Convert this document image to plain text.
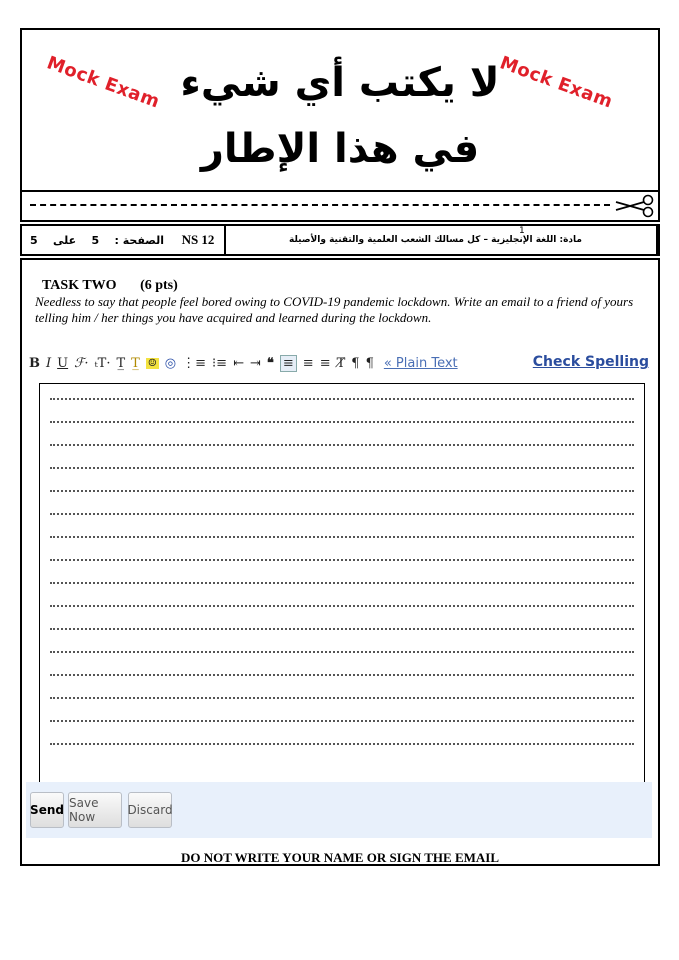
Mock Exam	Mock Exam
لا يكتب أي شيء
في هذا الإطار
الصفحة :
5
على
5	NS 12
1
مادة: اللغة الإنجليزية – كل مسالك الشعب العلمية والتقنية والأصيلة
TASK TWO (6 pts)
Needless to say that people feel bored owing to COVID-19 pandemic lockdown. Write an email to a friend of yours telling him / her things you have acquired and learned during the lockdown.
B I U ℱ· ₜT· T̲ T̲ ☺ ◎ ⋮≡ ⁝≡ ⇤ ⇥ ❝ ≡ ≡ ≡ T̸ ¶ ¶ « Plain Text	Check Spelling
Send Save Now	Discard
DO NOT WRITE YOUR NAME OR SIGN THE EMAIL
